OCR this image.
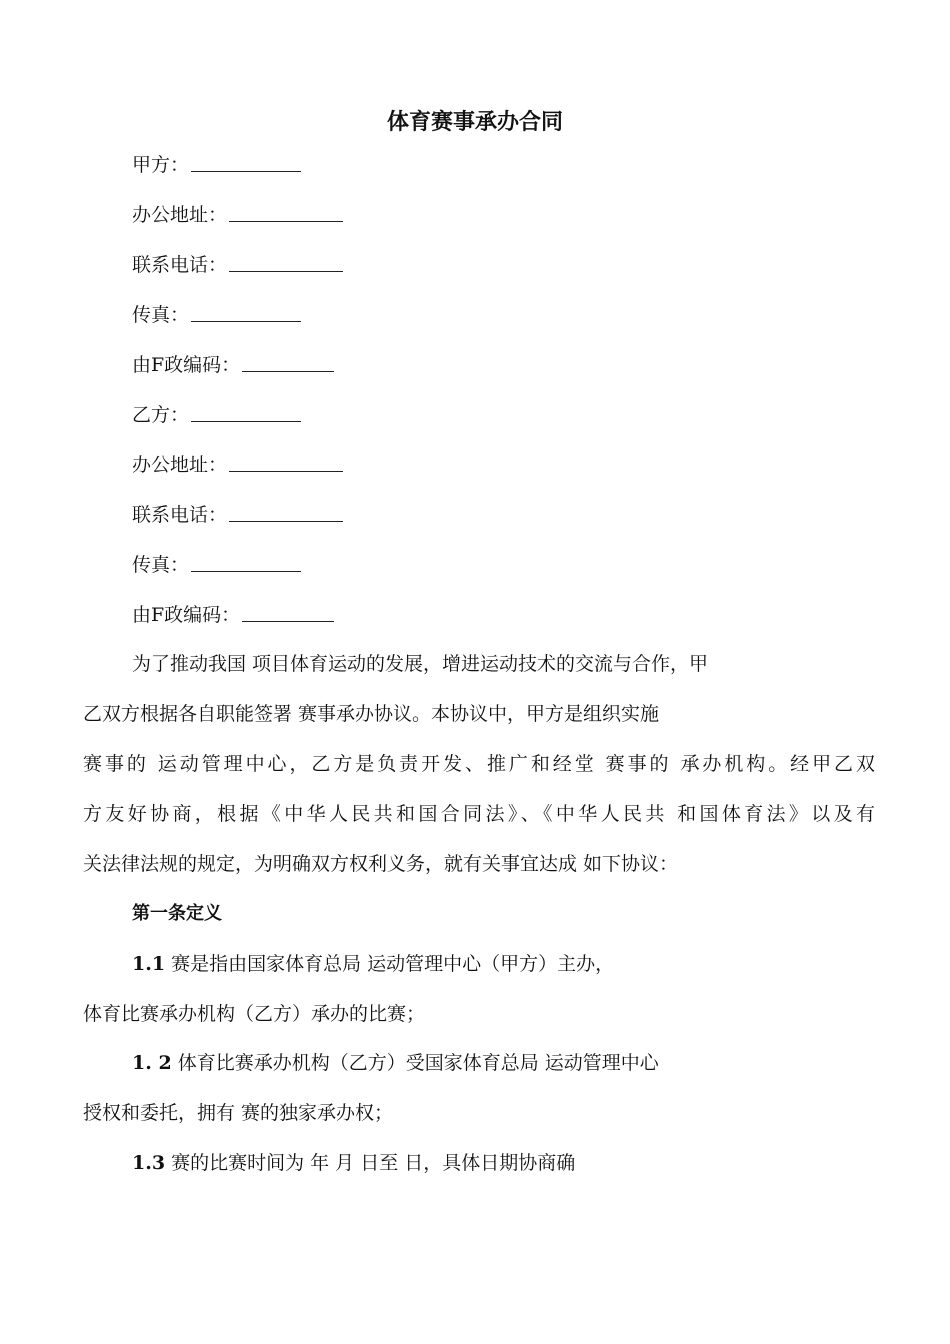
体育赛事承办合同
甲方：
办公地址：
联系电话：
传真：
由F政编码：
乙方：
办公地址：
联系电话：
传真：
由F政编码：
为了推动我国 项目体育运动的发展，增进运动技术的交流与合作，甲
乙双方根据各自职能签署 赛事承办协议。本协议中，甲方是组织实施
赛事的 运动管理中心，乙方是负责开发、推广和经堂 赛事的 承办机构。经甲乙双
方友好协商，根据《中华人民共和国合同法》、《中华人民共 和国体育法》以及有
关法律法规的规定，为明确双方权利义务，就有关事宜达成 如下协议：
第一条定义
1.1 赛是指由国家体育总局 运动管理中心（甲方）主办，
体育比赛承办机构（乙方）承办的比赛；
1. 2 体育比赛承办机构（乙方）受国家体育总局 运动管理中心
授权和委托，拥有 赛的独家承办权；
1.3 赛的比赛时间为 年 月 日至 日，具体日期协商确
